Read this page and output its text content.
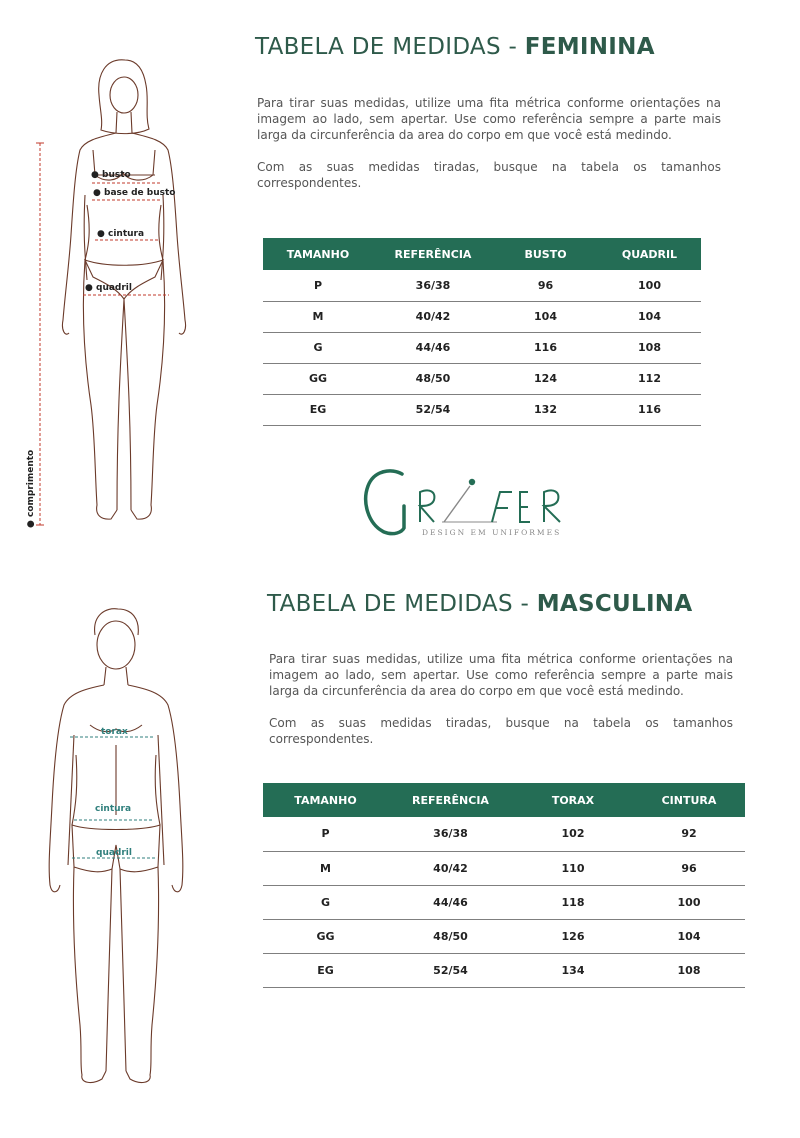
● busto
● base de busto
● cintura
● quadril
● comprimento
TABELA DE MEDIDAS - FEMININA

Para tirar suas medidas, utilize uma fita métrica conforme orientações na imagem ao lado, sem apertar. Use como referência sempre a parte mais larga da circunferência da area do corpo em que você está medindo.

Com as suas medidas tiradas, busque na tabela os tamanhos correspondentes.

TAMANHO	REFERÊNCIA	BUSTO	QUADRIL
P	36/38	96	100
M	40/42	104	104
G	44/46	116	108
GG	48/50	124	112
EG	52/54	132	116
DESIGN EM UNIFORMES
torax
cintura
quadril
TABELA DE MEDIDAS - MASCULINA

Para tirar suas medidas, utilize uma fita métrica conforme orientações na imagem ao lado, sem apertar. Use como referência sempre a parte mais larga da circunferência da area do corpo em que você está medindo.

Com as suas medidas tiradas, busque na tabela os tamanhos correspondentes.

TAMANHO	REFERÊNCIA	TORAX	CINTURA
P	36/38	102	92
M	40/42	110	96
G	44/46	118	100
GG	48/50	126	104
EG	52/54	134	108
